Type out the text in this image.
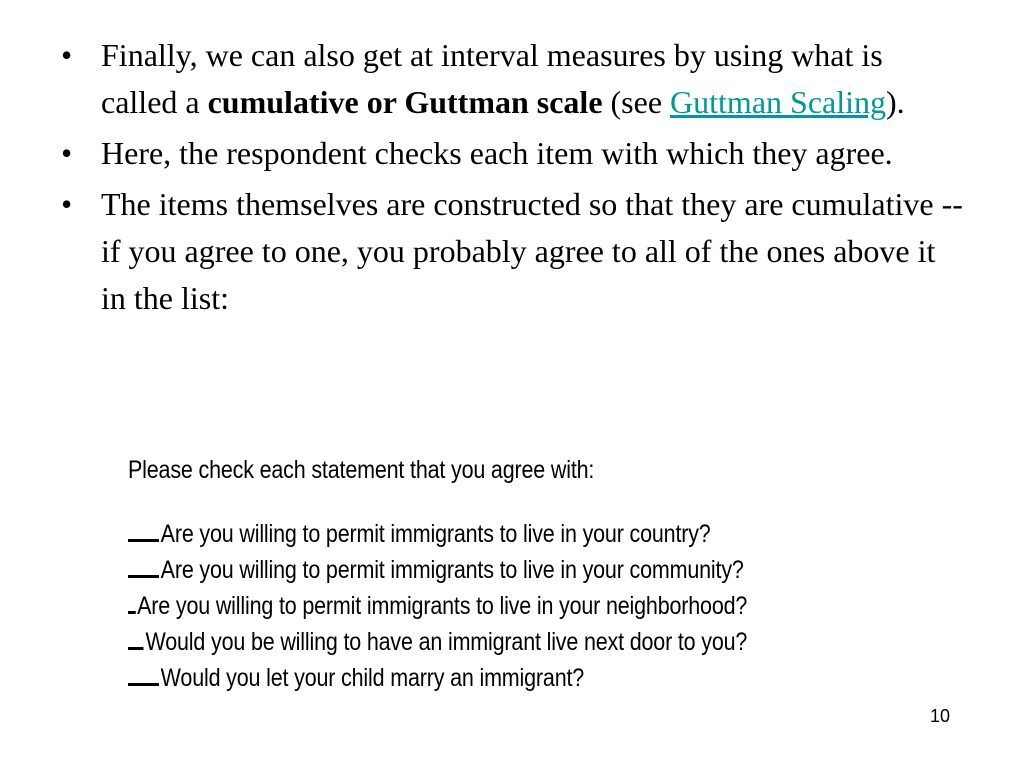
• Finally, we can also get at interval measures by using what is called a cumulative or Guttman scale (see Guttman Scaling).
• Here, the respondent checks each item with which they agree.
• The items themselves are constructed so that they are cumulative -- if you agree to one, you probably agree to all of the ones above it in the list:
Please check each statement that you agree with:
Are you willing to permit immigrants to live in your country?
Are you willing to permit immigrants to live in your community?
Are you willing to permit immigrants to live in your neighborhood?
Would you be willing to have an immigrant live next door to you?
Would you let your child marry an immigrant?
10
